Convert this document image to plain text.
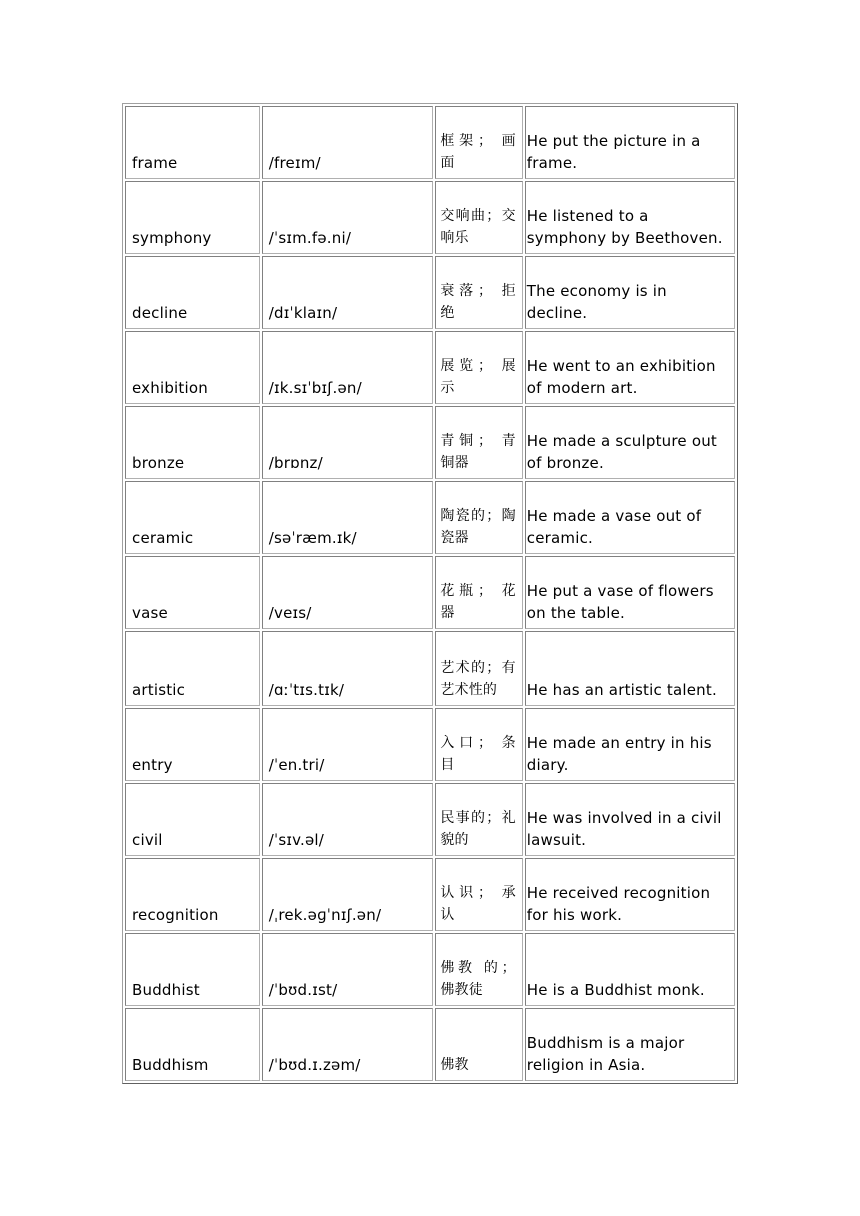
frame	/freɪm/	框架； 画面	He put the picture in a frame.
symphony	/ˈsɪm.fə.ni/	交响曲；交响乐	He listened to a symphony by Beethoven.
decline	/dɪˈklaɪn/	衰落； 拒绝	The economy is in decline.
exhibition	/ɪk.sɪˈbɪʃ.ən/	展览； 展示	He went to an exhibition of modern art.
bronze	/brɒnz/	青铜； 青铜器	He made a sculpture out of bronze.
ceramic	/səˈræm.ɪk/	陶瓷的；陶瓷器	He made a vase out of ceramic.
vase	/veɪs/	花瓶； 花器	He put a vase of flowers on the table.
artistic	/ɑːˈtɪs.tɪk/	艺术的；有艺术性的	He has an artistic talent.
entry	/ˈen.tri/	入口； 条目	He made an entry in his diary.
civil	/ˈsɪv.əl/	民事的；礼貌的	He was involved in a civil lawsuit.
recognition	/ˌrek.əɡˈnɪʃ.ən/	认识； 承认	He received recognition for his work.
Buddhist	/ˈbʊd.ɪst/	佛教 的；佛教徒	He is a Buddhist monk.
Buddhism	/ˈbʊd.ɪ.zəm/	佛教	Buddhism is a major religion in Asia.
